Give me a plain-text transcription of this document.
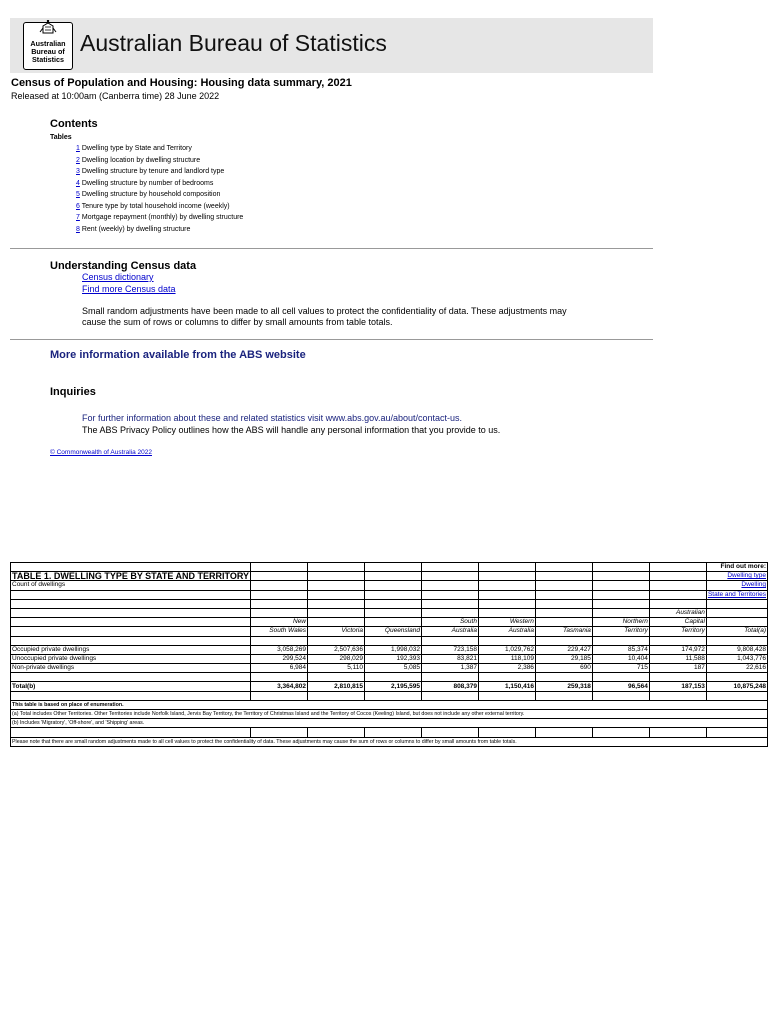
Australian
Bureau of
Statistics
Australian Bureau of Statistics
Census of Population and Housing: Housing data summary, 2021
Released at 10:00am (Canberra time) 28 June 2022
Contents
Tables
1 Dwelling type by State and Territory
2 Dwelling location by dwelling structure
3 Dwelling structure by tenure and landlord type
4 Dwelling structure by number of bedrooms
5 Dwelling structure by household composition
6 Tenure type by total household income (weekly)
7 Mortgage repayment (monthly) by dwelling structure
8 Rent (weekly) by dwelling structure
Understanding Census data
Census dictionary
Find more Census data
Small random adjustments have been made to all cell values to protect the confidentiality of data. These adjustments may cause the sum of rows or columns to differ by small amounts from table totals.
More information available from the ABS website
Inquiries
For further information about these and related statistics visit www.abs.gov.au/about/contact-us.
The ABS Privacy Policy outlines how the ABS will handle any personal information that you provide to us.
© Commonwealth of Australia 2022
									Find out more:
TABLE 1. DWELLING TYPE BY STATE AND TERRITORY									Dwelling type
Count of dwellings									Dwelling
									State and Territories

								Australian	
	New			South	Western		Northern	Capital	
	South Wales	Victoria	Queensland	Australia	Australia	Tasmania	Territory	Territory	Total(a)

Occupied private dwellings	3,058,269	2,507,636	1,998,032	723,158	1,029,762	229,427	85,374	174,972	9,808,428
Unoccupied private dwellings	299,524	298,029	192,393	83,821	118,109	29,185	10,404	11,588	1,043,776
Non-private dwellings	6,984	5,110	5,085	1,387	2,386	690	715	187	22,616

Total(b)	3,364,802	2,810,815	2,195,595	808,379	1,150,416	259,318	96,564	187,153	10,875,248

This table is based on place of enumeration.									
(a) Total includes Other Territories. Other Territories include Norfolk Island, Jervis Bay Territory, the Territory of Christmas Island and the Territory of Cocos (Keeling) Island, but does not include any other external territory.									
(b) Includes 'Migratory', 'Off-shore', and 'Shipping' areas.									

Please note that there are small random adjustments made to all cell values to protect the confidentiality of data. These adjustments may cause the sum of rows or columns to differ by small amounts from table totals.									
